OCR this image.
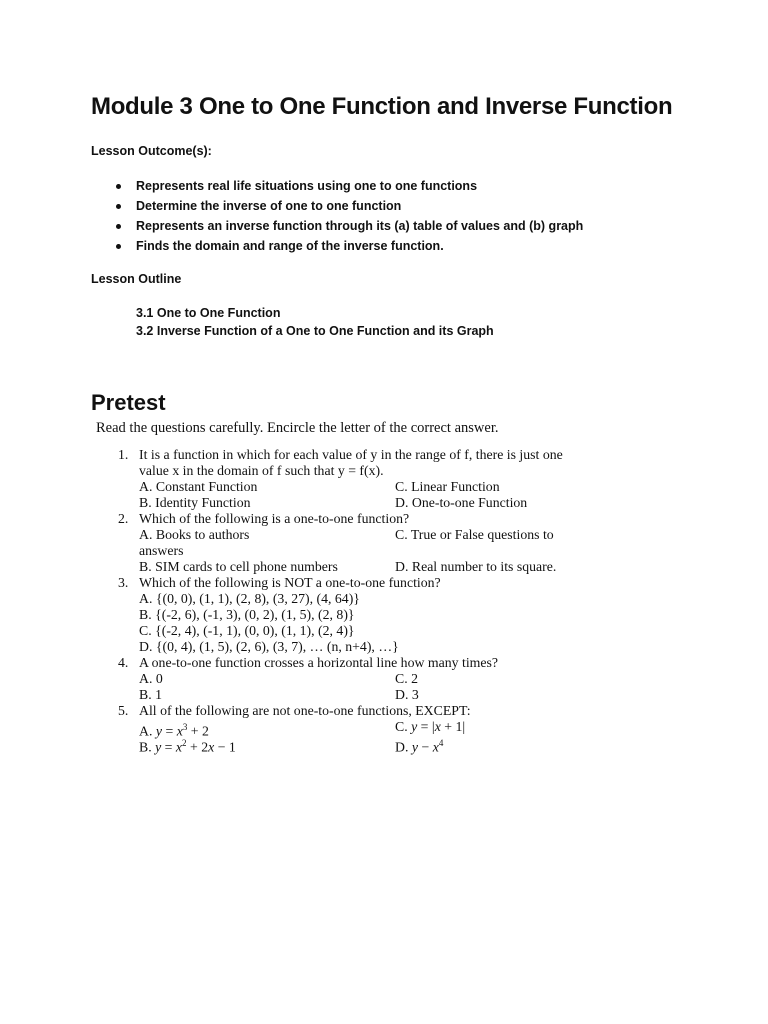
Module 3 One to One Function and Inverse Function

Lesson Outcome(s):

Represents real life situations using one to one functions
Determine the inverse of one to one function
Represents an inverse function through its (a) table of values and (b) graph
Finds the domain and range of the inverse function.

Lesson Outline

3.1 One to One Function
3.2 Inverse Function of a One to One Function and its Graph
Pretest

Read the questions carefully. Encircle the letter of the correct answer.

1. It is a function in which for each value of y in the range of f, there is just one
value x in the domain of f such that y = f(x).
A. Constant Function	C. Linear Function
B. Identity Function	D. One-to-one Function
2. Which of the following is a one-to-one function?
A. Books to authors	C. True or False questions to
answers
B. SIM cards to cell phone numbers	D. Real number to its square.
3. Which of the following is NOT a one-to-one function?
A. {(0, 0), (1, 1), (2, 8), (3, 27), (4, 64)}
B. {(-2, 6), (-1, 3), (0, 2), (1, 5), (2, 8)}
C. {(-2, 4), (-1, 1), (0, 0), (1, 1), (2, 4)}
D. {(0, 4), (1, 5), (2, 6), (3, 7), … (n, n+4), …}
4. A one-to-one function crosses a horizontal line how many times?
A. 0	C. 2
B. 1	D. 3
5. All of the following are not one-to-one functions, EXCEPT:
A. $y = x^3 + 2$	C. y = |x + 1|
B. $y = x^2 + 2x - 1$	D. $y - x^4$
